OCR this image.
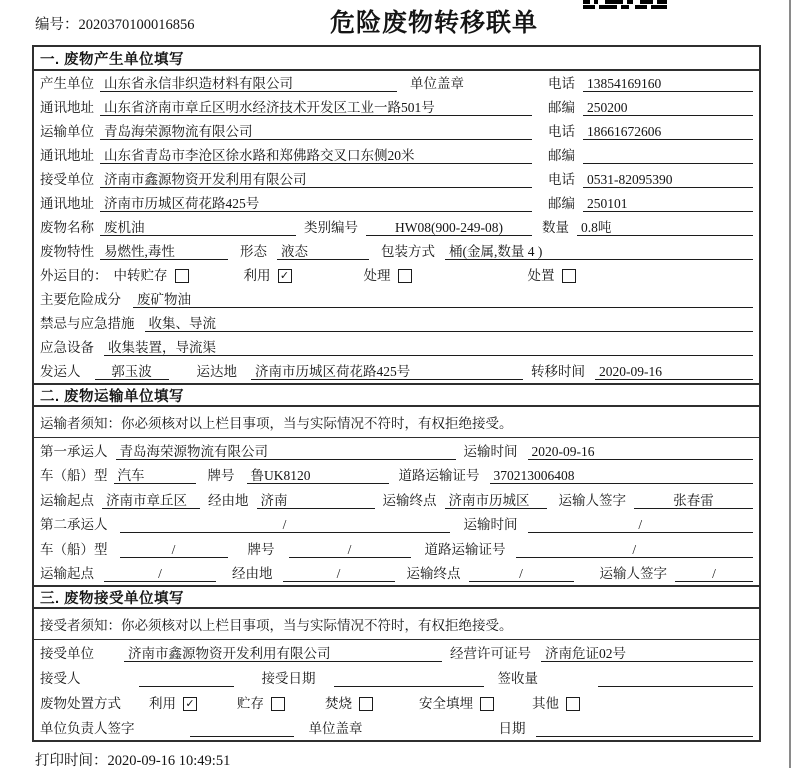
编号：2020370100016856	危险废物转移联单
一. 废物产生单位填写
产生单位 山东省永信非织造材料有限公司	单位盖章	电话 13854169160
通讯地址 山东省济南市章丘区明水经济技术开发区工业一路501号	邮编 250200
运输单位 青岛海荣源物流有限公司	电话 18661672606
通讯地址 山东省青岛市李沧区徐水路和郑佛路交叉口东侧20米	邮编
接受单位 济南市鑫源物资开发利用有限公司	电话 0531-82095390
通讯地址 济南市历城区荷花路425号	邮编 250101
废物名称 废机油	类别编号	HW08(900-249-08)	数量 0.8吨
废物特性 易燃性,毒性	形态 液态	包装方式 桶(金属,数量 4 )
外运目的： 中转贮存	利用 ✓	处理	处置
主要危险成分 废矿物油
禁忌与应急措施 收集、导流
应急设备 收集装置，导流渠
发运人	郭玉波	运达地 济南市历城区荷花路425号	转移时间 2020-09-16
二. 废物运输单位填写
运输者须知：你必须核对以上栏目事项，当与实际情况不符时，有权拒绝接受。
第一承运人 青岛海荣源物流有限公司	运输时间 2020-09-16
车（船）型 汽车	牌号 鲁UK8120	道路运输证号 370213006408
运输起点 济南市章丘区	经由地 济南	运输终点 济南市历城区	运输人签字	张春雷
第二承运人	/	运输时间	/
车（船）型	/	牌号	/	道路运输证号	/
运输起点	/	经由地	/	运输终点	/	运输人签字	/
三. 废物接受单位填写
接受者须知：你必须核对以上栏目事项，当与实际情况不符时，有权拒绝接受。
接受单位	济南市鑫源物资开发利用有限公司	经营许可证号 济南危证02号
接受人	接受日期	签收量
废物处置方式 利用 ✓	贮存	焚烧	安全填埋	其他
单位负责人签字	单位盖章	日期
打印时间：2020-09-16 10:49:51
